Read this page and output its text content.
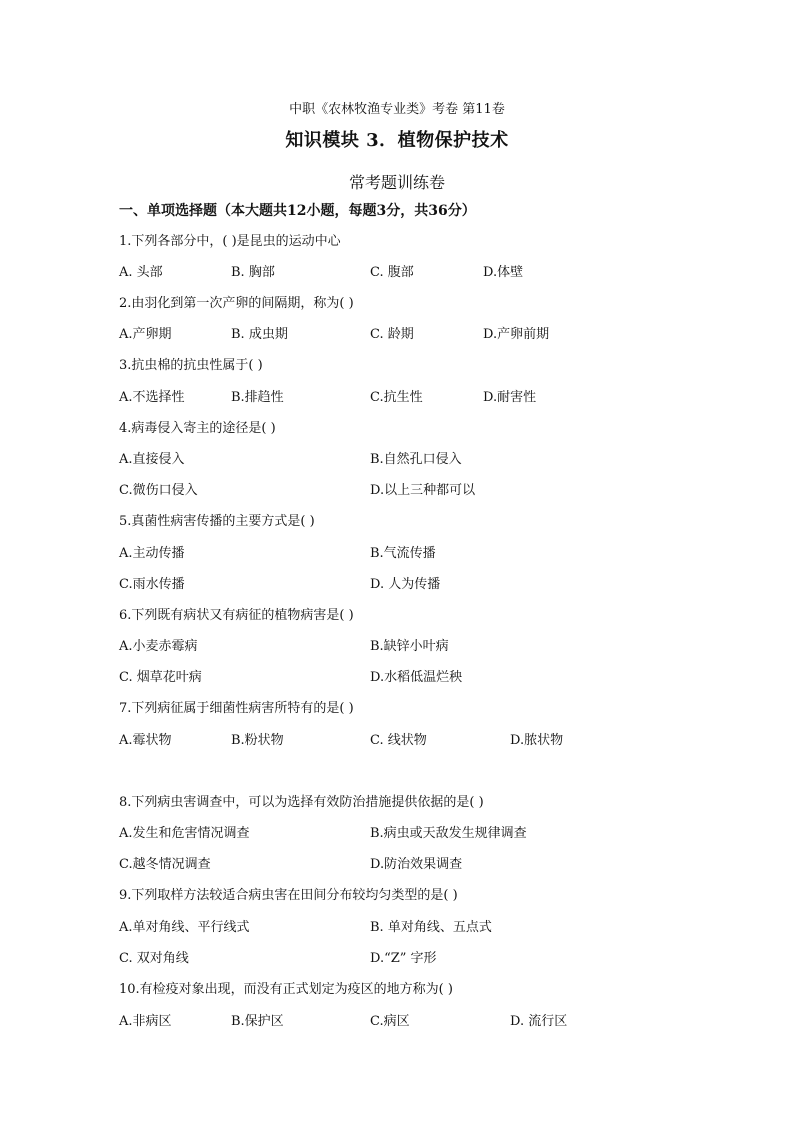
中职《农林牧渔专业类》考卷 第11卷
知识模块 3．植物保护技术
常考题训练卷
一、单项选择题（本大题共12小题，每题3分，共36分）
1.下列各部分中，( )是昆虫的运动中心
A. 头部	B. 胸部	C. 腹部	D.体壁
2.由羽化到第一次产卵的间隔期，称为( )
A.产卵期	B. 成虫期	C. 龄期	D.产卵前期
3.抗虫棉的抗虫性属于( )
A.不选择性	B.排趋性	C.抗生性	D.耐害性
4.病毒侵入寄主的途径是( )
A.直接侵入	B.自然孔口侵入
C.微伤口侵入	D.以上三种都可以
5.真菌性病害传播的主要方式是( )
A.主动传播	B.气流传播
C.雨水传播	D. 人为传播
6.下列既有病状又有病征的植物病害是( )
A.小麦赤霉病	B.缺锌小叶病
C. 烟草花叶病	D.水稻低温烂秧
7.下列病征属于细菌性病害所特有的是( )
A.霉状物	B.粉状物	C. 线状物	D.脓状物
8.下列病虫害调查中，可以为选择有效防治措施提供依据的是( )
A.发生和危害情况调查	B.病虫或天敌发生规律调查
C.越冬情况调查	D.防治效果调查
9.下列取样方法较适合病虫害在田间分布较均匀类型的是( )
A.单对角线、平行线式	B. 单对角线、五点式
C. 双对角线	D.“Z” 字形
10.有检疫对象出现，而没有正式划定为疫区的地方称为( )
A.非病区	B.保护区	C.病区	D. 流行区
